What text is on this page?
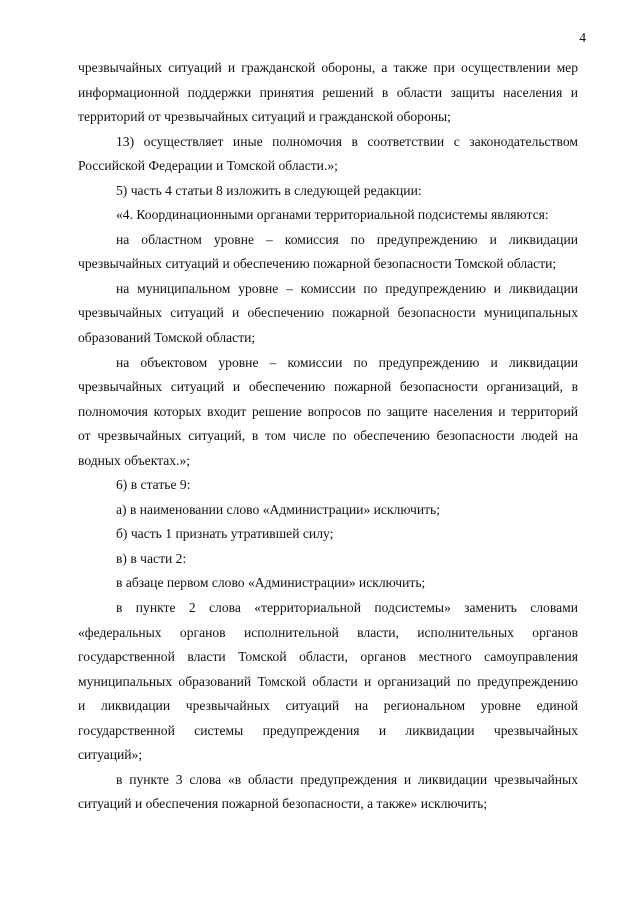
4
чрезвычайных ситуаций и гражданской обороны, а также при осуществлении мер
информационной поддержки принятия решений в области защиты населения и
территорий от чрезвычайных ситуаций и гражданской обороны;
13) осуществляет иные полномочия в соответствии с законодательством
Российской Федерации и Томской области.»;
5) часть 4 статьи 8 изложить в следующей редакции:
«4. Координационными органами территориальной подсистемы являются:
на областном уровне – комиссия по предупреждению и ликвидации
чрезвычайных ситуаций и обеспечению пожарной безопасности Томской области;
на муниципальном уровне – комиссии по предупреждению и ликвидации
чрезвычайных ситуаций и обеспечению пожарной безопасности муниципальных
образований Томской области;
на объектовом уровне – комиссии по предупреждению и ликвидации
чрезвычайных ситуаций и обеспечению пожарной безопасности организаций, в
полномочия которых входит решение вопросов по защите населения и территорий
от чрезвычайных ситуаций, в том числе по обеспечению безопасности людей на
водных объектах.»;
6) в статье 9:
а) в наименовании слово «Администрации» исключить;
б) часть 1 признать утратившей силу;
в) в части 2:
в абзаце первом слово «Администрации» исключить;
в пункте 2 слова «территориальной подсистемы» заменить словами
«федеральных органов исполнительной власти, исполнительных органов
государственной власти Томской области, органов местного самоуправления
муниципальных образований Томской области и организаций по предупреждению
и ликвидации чрезвычайных ситуаций на региональном уровне единой
государственной системы предупреждения и ликвидации чрезвычайных
ситуаций»;
в пункте 3 слова «в области предупреждения и ликвидации чрезвычайных
ситуаций и обеспечения пожарной безопасности, а также» исключить;
